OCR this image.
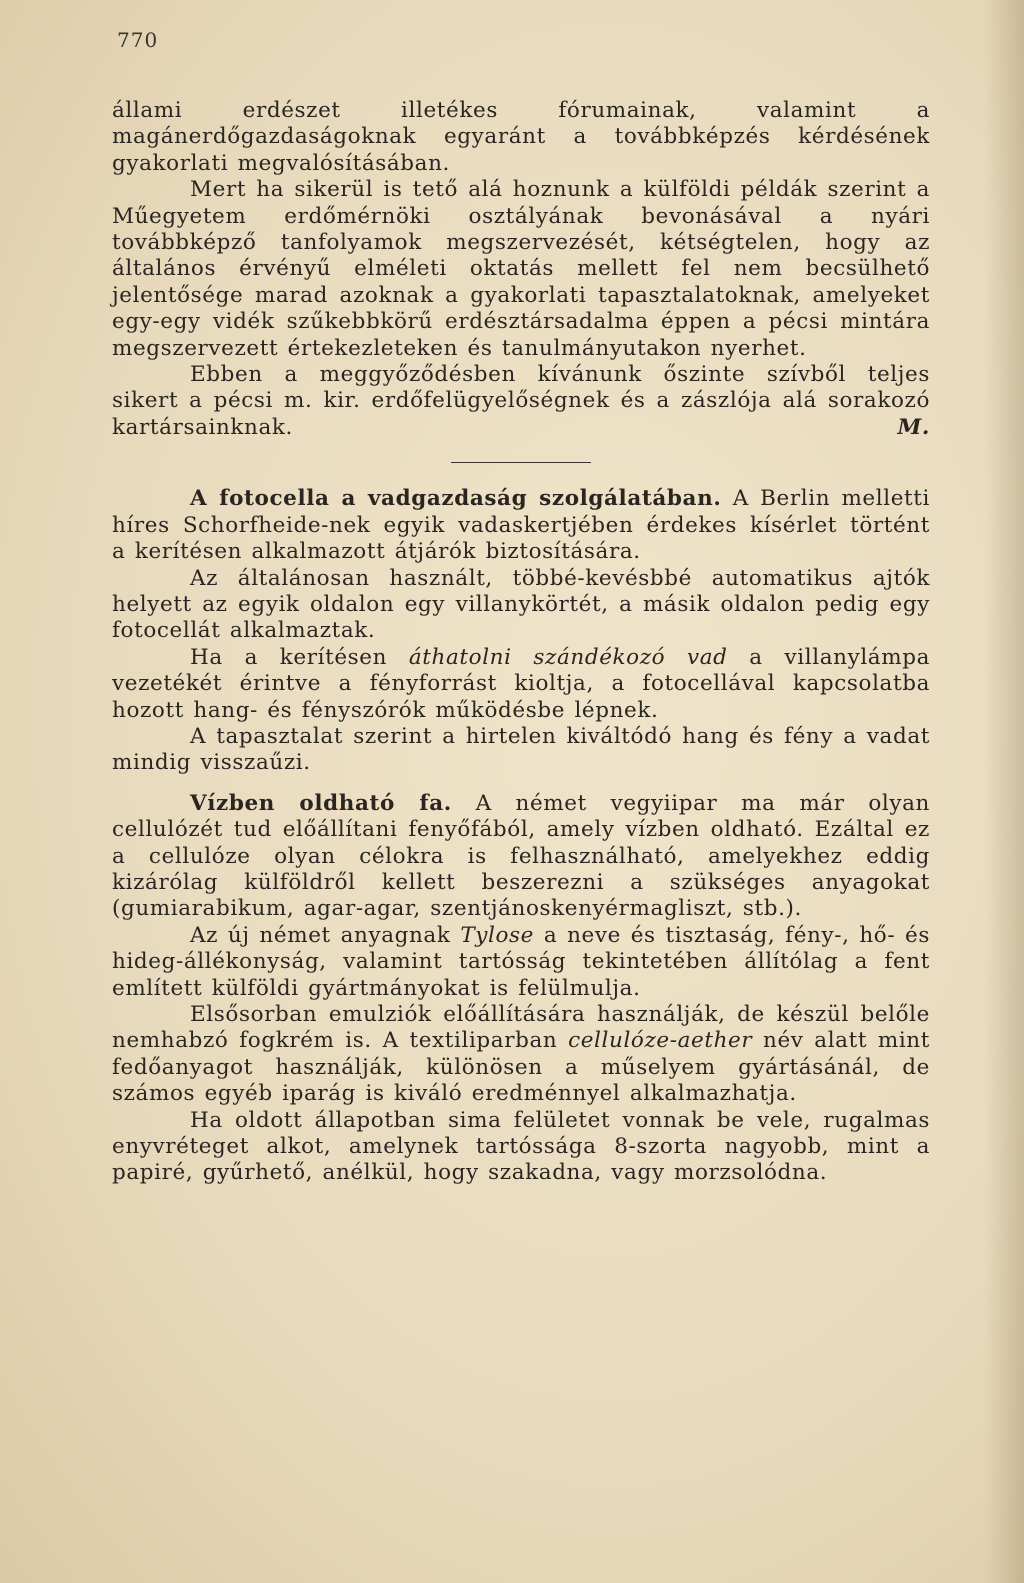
770

állami erdészet illetékes fórumainak, valamint a magánerdőgazdaságoknak egyaránt a továbbképzés kérdésének gyakorlati megvalósításában.

Mert ha sikerül is tető alá hoznunk a külföldi példák szerint a Műegyetem erdőmérnöki osztályának bevonásával a nyári továbbképző tanfolyamok megszervezését, kétségtelen, hogy az általános érvényű elméleti oktatás mellett fel nem becsülhető jelentősége marad azoknak a gyakorlati tapasztalatoknak, amelyeket egy-egy vidék szűkebbkörű erdésztársadalma éppen a pécsi mintára megszervezett értekezleteken és tanulmányutakon nyerhet.

Ebben a meggyőződésben kívánunk őszinte szívből teljes sikert a pécsi m. kir. erdőfelügyelőségnek és a zászlója alá sorakozó kartársainknak.	M.

A fotocella a vadgazdaság szolgálatában. A Berlin melletti híres Schorfheide-nek egyik vadaskertjében érdekes kísérlet történt a kerítésen alkalmazott átjárók biztosítására.

Az általánosan használt, többé-kevésbbé automatikus ajtók helyett az egyik oldalon egy villanykörtét, a másik oldalon pedig egy fotocellát alkalmaztak.

Ha a kerítésen áthatolni szándékozó vad a villanylámpa vezetékét érintve a fényforrást kioltja, a fotocellával kapcsolatba hozott hang- és fényszórók működésbe lépnek.

A tapasztalat szerint a hirtelen kiváltódó hang és fény a vadat mindig visszaűzi.

Vízben oldható fa. A német vegyiipar ma már olyan cellulózét tud előállítani fenyőfából, amely vízben oldható. Ezáltal ez a cellulóze olyan célokra is felhasználható, amelyekhez eddig kizárólag külföldről kellett beszerezni a szükséges anyagokat (gumiarabikum, agar-agar, szentjánoskenyérmagliszt, stb.).

Az új német anyagnak Tylose a neve és tisztaság, fény-, hő- és hideg-állékonyság, valamint tartósság tekintetében állítólag a fent említett külföldi gyártmányokat is felülmulja.

Elsősorban emulziók előállítására használják, de készül belőle nemhabzó fogkrém is. A textiliparban cellulóze-aether név alatt mint fedőanyagot használják, különösen a műselyem gyártásánál, de számos egyéb iparág is kiváló eredménnyel alkalmazhatja.

Ha oldott állapotban sima felületet vonnak be vele, rugalmas enyvréteget alkot, amelynek tartóssága 8-szorta nagyobb, mint a papiré, gyűrhető, anélkül, hogy szakadna, vagy morzsolódna.
